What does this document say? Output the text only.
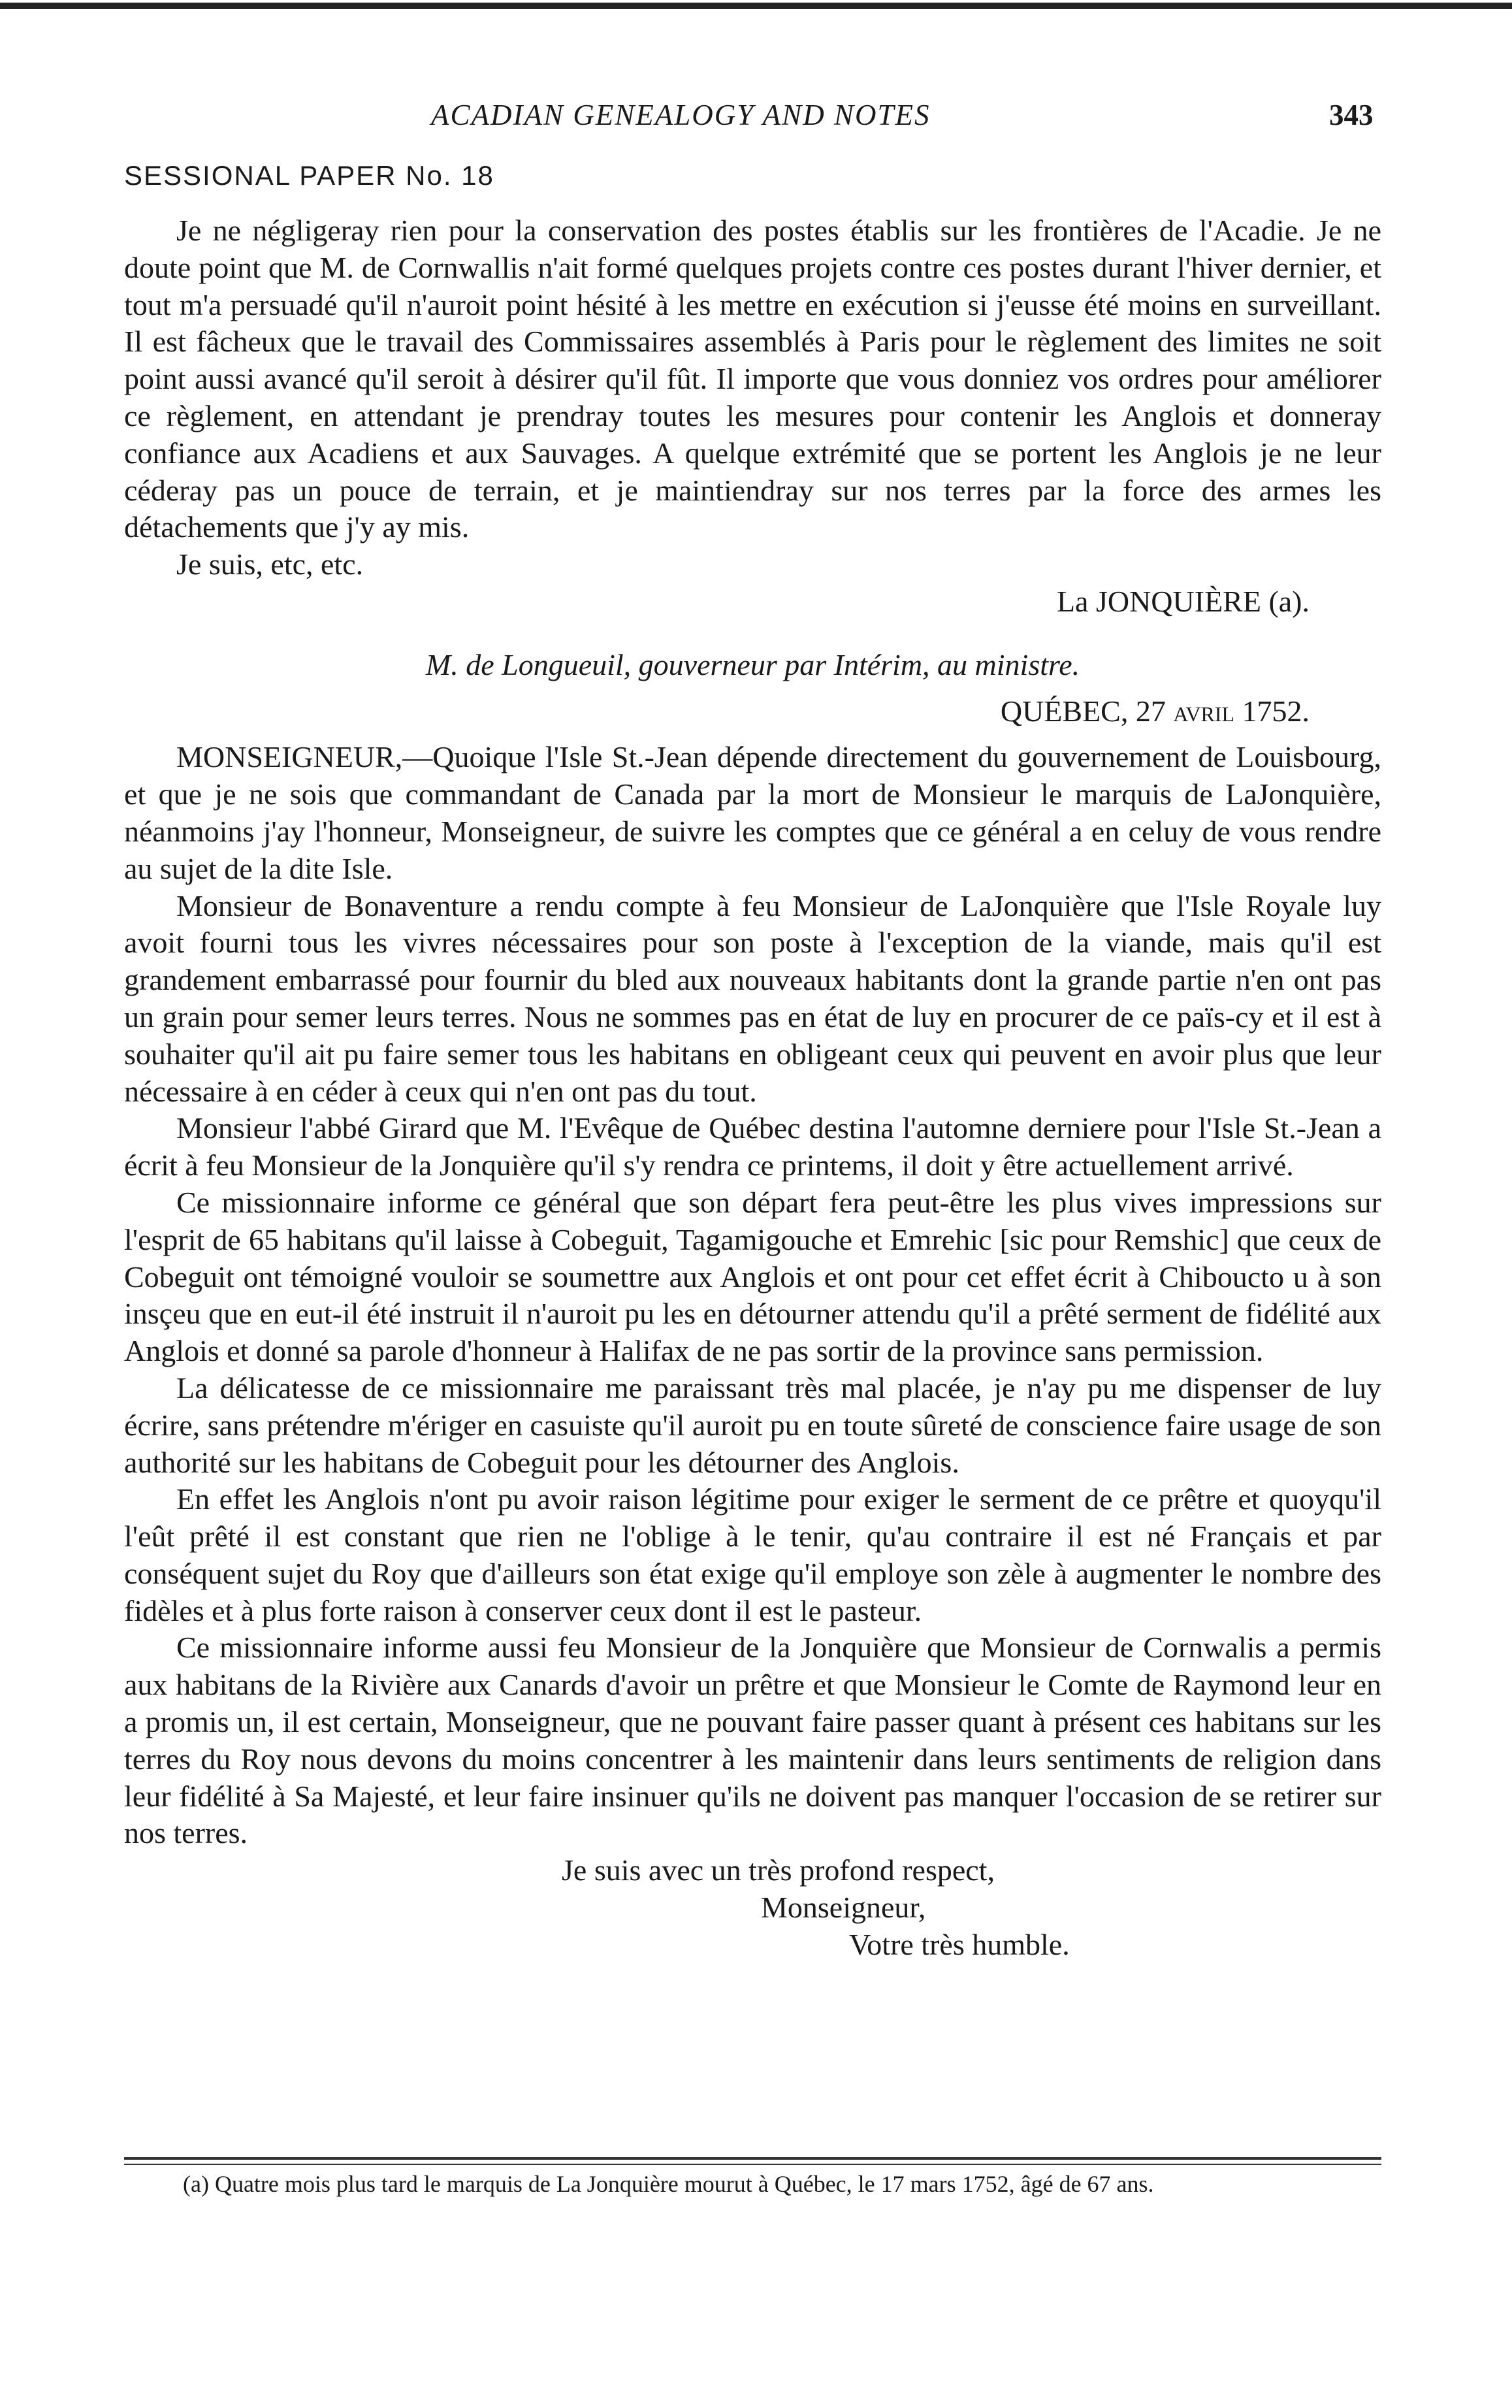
ACADIAN GENEALOGY AND NOTES	343
SESSIONAL PAPER No. 18

Je ne négligeray rien pour la conservation des postes établis sur les frontières de l'Acadie. Je ne doute point que M. de Cornwallis n'ait formé quelques projets contre ces postes durant l'hiver dernier, et tout m'a persuadé qu'il n'auroit point hésité à les mettre en exécution si j'eusse été moins en surveillant. Il est fâcheux que le travail des Commissaires assemblés à Paris pour le règlement des limites ne soit point aussi avancé qu'il seroit à désirer qu'il fût. Il importe que vous donniez vos ordres pour améliorer ce règlement, en attendant je prendray toutes les mesures pour contenir les Anglois et donneray confiance aux Acadiens et aux Sauvages. A quelque extrémité que se portent les Anglois je ne leur céderay pas un pouce de terrain, et je maintiendray sur nos terres par la force des armes les détachements que j'y ay mis.

Je suis, etc, etc.

La JONQUIÈRE (a).

M. de Longueuil, gouverneur par Intérim, au ministre.

QUÉBEC, 27 avril 1752.

MONSEIGNEUR,—Quoique l'Isle St.-Jean dépende directement du gouvernement de Louisbourg, et que je ne sois que commandant de Canada par la mort de Monsieur le marquis de LaJonquière, néanmoins j'ay l'honneur, Monseigneur, de suivre les comptes que ce général a en celuy de vous rendre au sujet de la dite Isle.

Monsieur de Bonaventure a rendu compte à feu Monsieur de LaJonquière que l'Isle Royale luy avoit fourni tous les vivres nécessaires pour son poste à l'exception de la viande, mais qu'il est grandement embarrassé pour fournir du bled aux nouveaux habitants dont la grande partie n'en ont pas un grain pour semer leurs terres. Nous ne sommes pas en état de luy en procurer de ce païs-cy et il est à souhaiter qu'il ait pu faire semer tous les habitans en obligeant ceux qui peuvent en avoir plus que leur nécessaire à en céder à ceux qui n'en ont pas du tout.

Monsieur l'abbé Girard que M. l'Evêque de Québec destina l'automne derniere pour l'Isle St.-Jean a écrit à feu Monsieur de la Jonquière qu'il s'y rendra ce printems, il doit y être actuellement arrivé.

Ce missionnaire informe ce général que son départ fera peut-être les plus vives impressions sur l'esprit de 65 habitans qu'il laisse à Cobeguit, Tagamigouche et Emrehic [sic pour Remshic] que ceux de Cobeguit ont témoigné vouloir se soumettre aux Anglois et ont pour cet effet écrit à Chiboucto u à son insçeu que en eut-il été instruit il n'auroit pu les en détourner attendu qu'il a prêté serment de fidélité aux Anglois et donné sa parole d'honneur à Halifax de ne pas sortir de la province sans permission.

La délicatesse de ce missionnaire me paraissant très mal placée, je n'ay pu me dispenser de luy écrire, sans prétendre m'ériger en casuiste qu'il auroit pu en toute sûreté de conscience faire usage de son authorité sur les habitans de Cobeguit pour les détourner des Anglois.

En effet les Anglois n'ont pu avoir raison légitime pour exiger le serment de ce prêtre et quoyqu'il l'eût prêté il est constant que rien ne l'oblige à le tenir, qu'au contraire il est né Français et par conséquent sujet du Roy que d'ailleurs son état exige qu'il employe son zèle à augmenter le nombre des fidèles et à plus forte raison à conserver ceux dont il est le pasteur.

Ce missionnaire informe aussi feu Monsieur de la Jonquière que Monsieur de Cornwalis a permis aux habitans de la Rivière aux Canards d'avoir un prêtre et que Monsieur le Comte de Raymond leur en a promis un, il est certain, Monseigneur, que ne pouvant faire passer quant à présent ces habitans sur les terres du Roy nous devons du moins concentrer à les maintenir dans leurs sentiments de religion dans leur fidélité à Sa Majesté, et leur faire insinuer qu'ils ne doivent pas manquer l'occasion de se retirer sur nos terres.

Je suis avec un très profond respect,
Monseigneur,
Votre très humble.
(a) Quatre mois plus tard le marquis de La Jonquière mourut à Québec, le 17 mars 1752, âgé de 67 ans.
